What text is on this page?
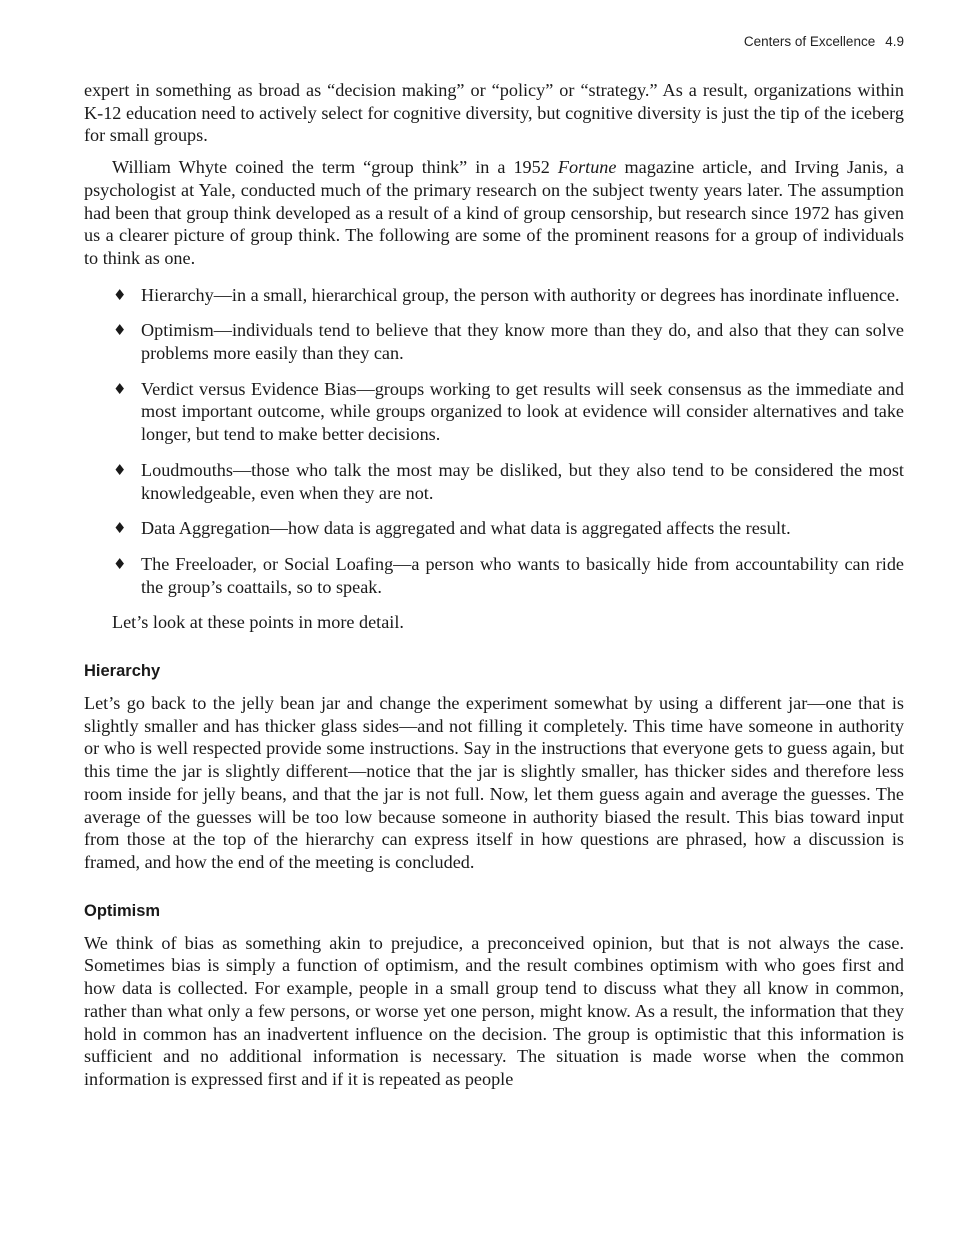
Centers of Excellence 4.9

expert in something as broad as “decision making” or “policy” or “strategy.” As a result, organizations within K-12 education need to actively select for cognitive diversity, but cognitive diversity is just the tip of the iceberg for small groups.

William Whyte coined the term “group think” in a 1952 Fortune magazine article, and Irving Janis, a psychologist at Yale, conducted much of the primary research on the subject twenty years later. The assumption had been that group think developed as a result of a kind of group censorship, but research since 1972 has given us a clearer picture of group think. The following are some of the prominent reasons for a group of individuals to think as one.

♦ Hierarchy—in a small, hierarchical group, the person with authority or degrees has inordinate influence.
♦ Optimism—individuals tend to believe that they know more than they do, and also that they can solve problems more easily than they can.
♦ Verdict versus Evidence Bias—groups working to get results will seek consensus as the immediate and most important outcome, while groups organized to look at evidence will consider alternatives and take longer, but tend to make better decisions.
♦ Loudmouths—those who talk the most may be disliked, but they also tend to be considered the most knowledgeable, even when they are not.
♦ Data Aggregation—how data is aggregated and what data is aggregated affects the result.
♦ The Freeloader, or Social Loafing—a person who wants to basically hide from accountability can ride the group’s coattails, so to speak.

Let’s look at these points in more detail.

Hierarchy

Let’s go back to the jelly bean jar and change the experiment somewhat by using a different jar—one that is slightly smaller and has thicker glass sides—and not filling it completely. This time have someone in authority or who is well respected provide some instructions. Say in the instructions that everyone gets to guess again, but this time the jar is slightly different—notice that the jar is slightly smaller, has thicker sides and therefore less room inside for jelly beans, and that the jar is not full. Now, let them guess again and average the guesses. The average of the guesses will be too low because someone in authority biased the result. This bias toward input from those at the top of the hierarchy can express itself in how questions are phrased, how a discussion is framed, and how the end of the meeting is concluded.

Optimism

We think of bias as something akin to prejudice, a preconceived opinion, but that is not always the case. Sometimes bias is simply a function of optimism, and the result combines optimism with who goes first and how data is collected. For example, people in a small group tend to discuss what they all know in common, rather than what only a few persons, or worse yet one person, might know. As a result, the information that they hold in common has an inadvertent influence on the decision. The group is optimistic that this information is sufficient and no additional information is necessary. The situation is made worse when the common information is expressed first and if it is repeated as people
